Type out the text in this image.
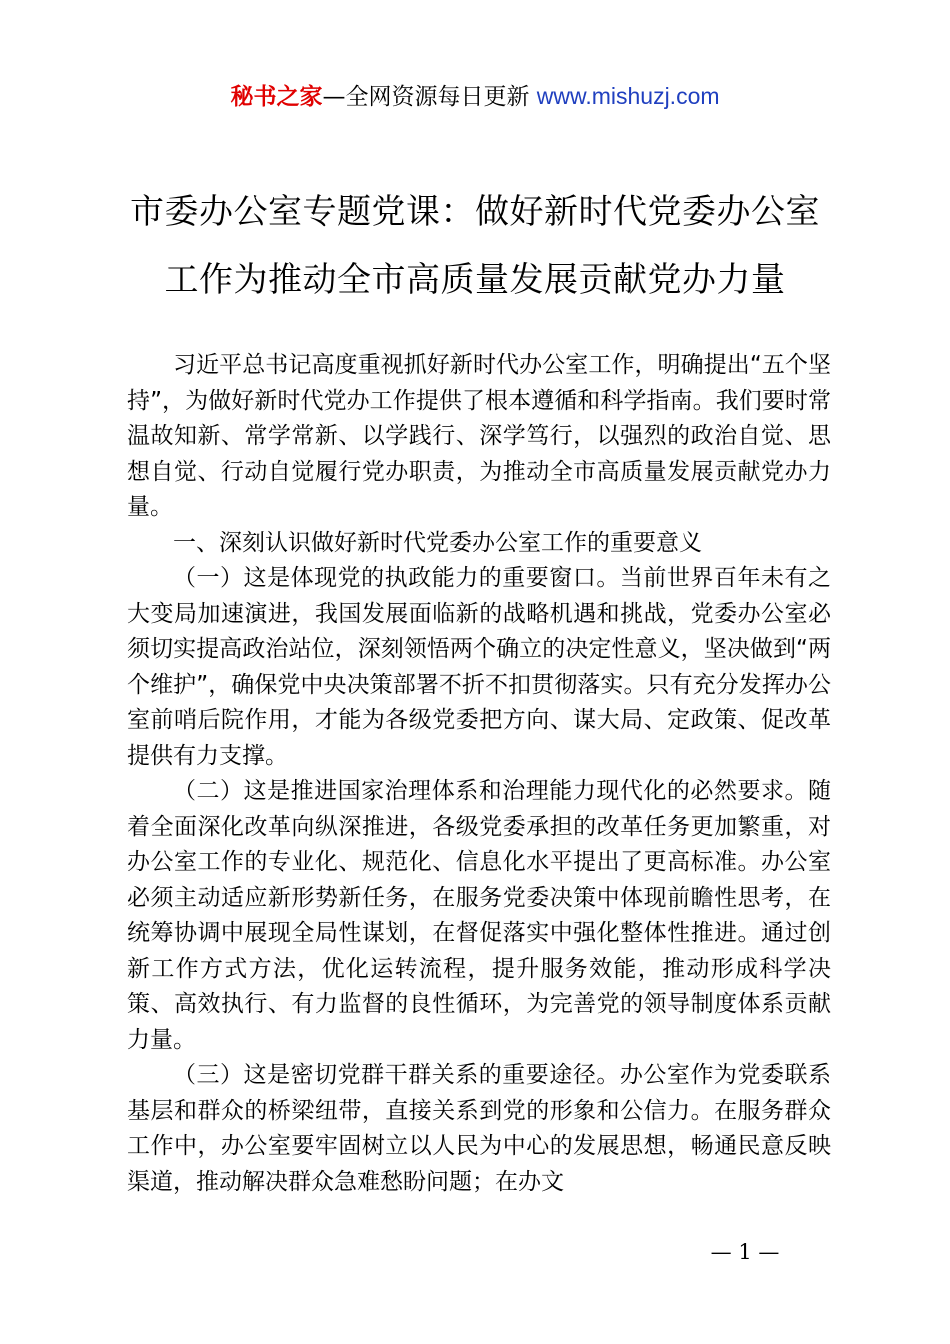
秘书之家—全网资源每日更新 www.mishuzj.com
市委办公室专题党课：做好新时代党委办公室
工作为推动全市高质量发展贡献党办力量

习近平总书记高度重视抓好新时代办公室工作，明确提出“五个坚持”，为做好新时代党办工作提供了根本遵循和科学指南。我们要时常温故知新、常学常新、以学践行、深学笃行，以强烈的政治自觉、思想自觉、行动自觉履行党办职责，为推动全市高质量发展贡献党办力量。

一、深刻认识做好新时代党委办公室工作的重要意义

（一）这是体现党的执政能力的重要窗口。当前世界百年未有之大变局加速演进，我国发展面临新的战略机遇和挑战，党委办公室必须切实提高政治站位，深刻领悟两个确立的决定性意义，坚决做到“两个维护”，确保党中央决策部署不折不扣贯彻落实。只有充分发挥办公室前哨后院作用，才能为各级党委把方向、谋大局、定政策、促改革提供有力支撑。

（二）这是推进国家治理体系和治理能力现代化的必然要求。随着全面深化改革向纵深推进，各级党委承担的改革任务更加繁重，对办公室工作的专业化、规范化、信息化水平提出了更高标准。办公室必须主动适应新形势新任务，在服务党委决策中体现前瞻性思考，在统筹协调中展现全局性谋划，在督促落实中强化整体性推进。通过创新工作方式方法，优化运转流程，提升服务效能，推动形成科学决策、高效执行、有力监督的良性循环，为完善党的领导制度体系贡献力量。

（三）这是密切党群干群关系的重要途径。办公室作为党委联系基层和群众的桥梁纽带，直接关系到党的形象和公信力。在服务群众工作中，办公室要牢固树立以人民为中心的发展思想，畅通民意反映渠道，推动解决群众急难愁盼问题；在办文

— 1 —
